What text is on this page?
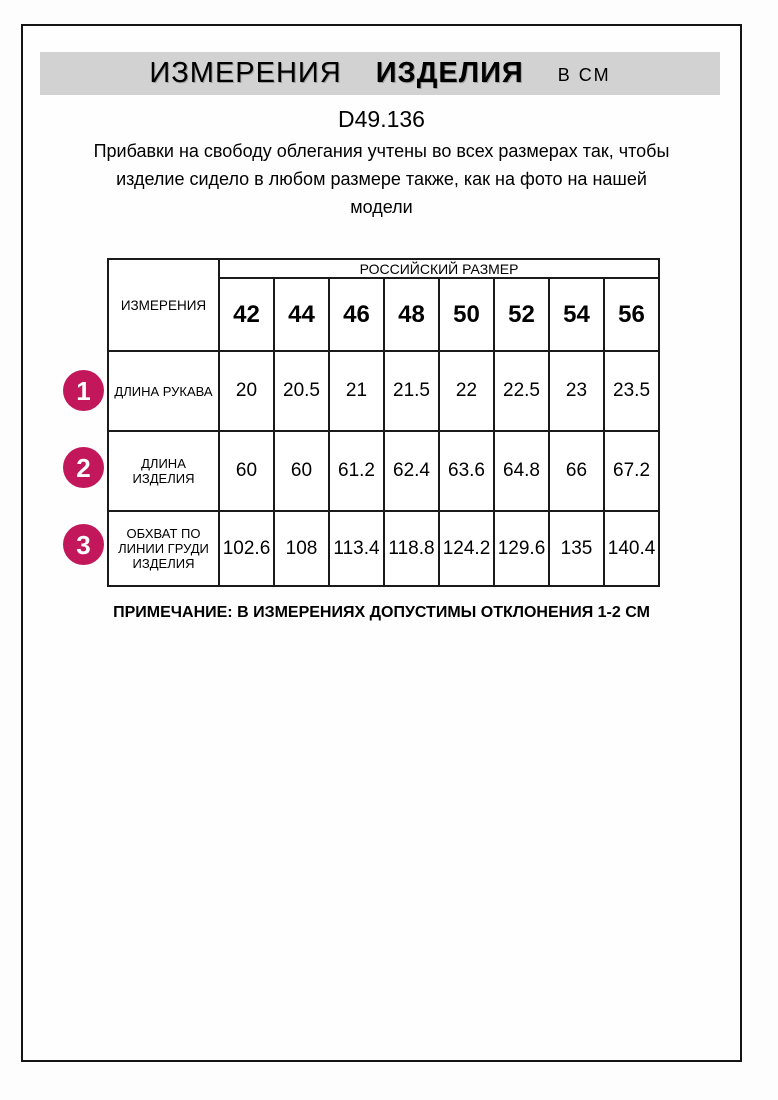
ИЗМЕРЕНИЯ ИЗДЕЛИЯ В СМ
D49.136
Прибавки на свободу облегания учтены во всех размерах так, чтобы изделие сидело в любом размере также, как на фото на нашей модели
ИЗМЕРЕНИЯ	РОССИЙСКИЙ РАЗМЕР							
	42	44	46	48	50	52	54	56
ДЛИНА РУКАВА	20	20.5	21	21.5	22	22.5	23	23.5
ДЛИНА ИЗДЕЛИЯ	60	60	61.2	62.4	63.6	64.8	66	67.2
ОБХВАТ ПО ЛИНИИ ГРУДИ ИЗДЕЛИЯ	102.6	108	113.4	118.8	124.2	129.6	135	140.4
1
2
3
ПРИМЕЧАНИЕ: В ИЗМЕРЕНИЯХ ДОПУСТИМЫ ОТКЛОНЕНИЯ 1-2 СМ
